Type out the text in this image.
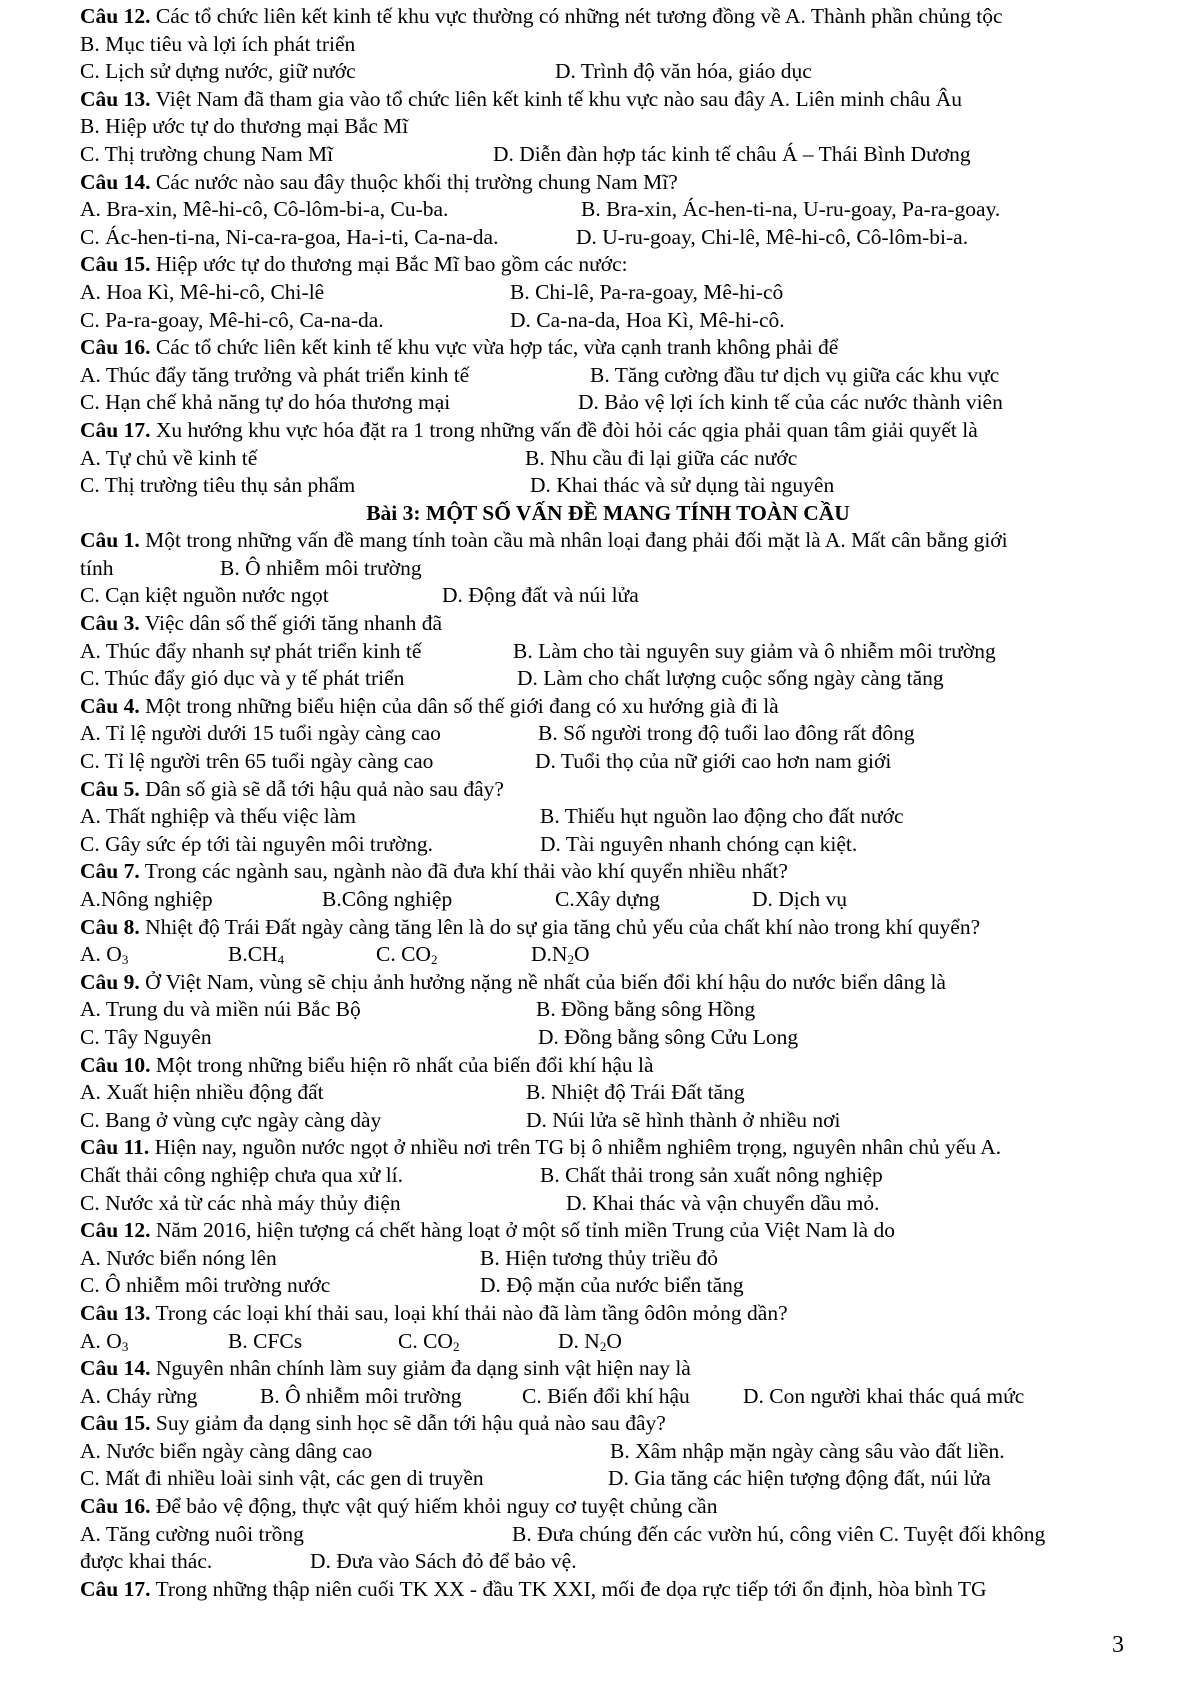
Câu 12. Các tổ chức liên kết kinh tế khu vực thường có những nét tương đồng về A. Thành phần chủng tộc
B. Mục tiêu và lợi ích phát triển
C. Lịch sử dựng nước, giữ nước	D. Trình độ văn hóa, giáo dục
Câu 13. Việt Nam đã tham gia vào tổ chức liên kết kinh tế khu vực nào sau đây A. Liên minh châu Âu
B. Hiệp ước tự do thương mại Bắc Mĩ
C. Thị trường chung Nam Mĩ	D. Diễn đàn hợp tác kinh tế châu Á – Thái Bình Dương
Câu 14. Các nước nào sau đây thuộc khối thị trường chung Nam Mĩ?
A. Bra-xin, Mê-hi-cô, Cô-lôm-bi-a, Cu-ba.	B. Bra-xin, Ác-hen-ti-na, U-ru-goay, Pa-ra-goay.
C. Ác-hen-ti-na, Ni-ca-ra-goa, Ha-i-ti, Ca-na-da.	D. U-ru-goay, Chi-lê, Mê-hi-cô, Cô-lôm-bi-a.
Câu 15. Hiệp ước tự do thương mại Bắc Mĩ bao gồm các nước:
A. Hoa Kì, Mê-hi-cô, Chi-lê	B. Chi-lê, Pa-ra-goay, Mê-hi-cô
C. Pa-ra-goay, Mê-hi-cô, Ca-na-da.	D. Ca-na-da, Hoa Kì, Mê-hi-cô.
Câu 16. Các tổ chức liên kết kinh tế khu vực vừa hợp tác, vừa cạnh tranh không phải để
A. Thúc đẩy tăng trưởng và phát triển kinh tế	B. Tăng cường đầu tư dịch vụ giữa các khu vực
C. Hạn chế khả năng tự do hóa thương mại	D. Bảo vệ lợi ích kinh tế của các nước thành viên
Câu 17. Xu hướng khu vực hóa đặt ra 1 trong những vấn đề đòi hỏi các qgia phải quan tâm giải quyết là
A. Tự chủ về kinh tế	B. Nhu cầu đi lại giữa các nước
C. Thị trường tiêu thụ sản phẩm	D. Khai thác và sử dụng tài nguyên
Bài 3: MỘT SỐ VẤN ĐỀ MANG TÍNH TOÀN CẦU
Câu 1. Một trong những vấn đề mang tính toàn cầu mà nhân loại đang phải đối mặt là A. Mất cân bằng giới
tính	B. Ô nhiễm môi trường
C. Cạn kiệt nguồn nước ngọt	D. Động đất và núi lửa
Câu 3. Việc dân số thế giới tăng nhanh đã
A. Thúc đẩy nhanh sự phát triển kinh tế	B. Làm cho tài nguyên suy giảm và ô nhiễm môi trường
C. Thúc đẩy gió dục và y tế phát triển	D. Làm cho chất lượng cuộc sống ngày càng tăng
Câu 4. Một trong những biểu hiện của dân số thế giới đang có xu hướng già đi là
A. Tỉ lệ người dưới 15 tuổi ngày càng cao	B. Số người trong độ tuổi lao đông rất đông
C. Tỉ lệ người trên 65 tuổi ngày càng cao	D. Tuổi thọ của nữ giới cao hơn nam giới
Câu 5. Dân số già sẽ dẫ tới hậu quả nào sau đây?
A. Thất nghiệp và thếu việc làm	B. Thiếu hụt nguồn lao động cho đất nước
C. Gây sức ép tới tài nguyên môi trường.	D. Tài nguyên nhanh chóng cạn kiệt.
Câu 7. Trong các ngành sau, ngành nào đã đưa khí thải vào khí quyển nhiều nhất?
A.Nông nghiệp	B.Công nghiệp	C.Xây dựng	D. Dịch vụ
Câu 8. Nhiệt độ Trái Đất ngày càng tăng lên là do sự gia tăng chủ yếu của chất khí nào trong khí quyển?
A. $O_3$	$B.CH_4$	C. $CO_2$	$D.N_2O$
Câu 9. Ở Việt Nam, vùng sẽ chịu ảnh hưởng nặng nề nhất của biến đổi khí hậu do nước biển dâng là
A. Trung du và miền núi Bắc Bộ	B. Đồng bằng sông Hồng
C. Tây Nguyên	D. Đồng bằng sông Cửu Long
Câu 10. Một trong những biểu hiện rõ nhất của biến đổi khí hậu là
A. Xuất hiện nhiều động đất	B. Nhiệt độ Trái Đất tăng
C. Bang ở vùng cực ngày càng dày	D. Núi lửa sẽ hình thành ở nhiều nơi
Câu 11. Hiện nay, nguồn nước ngọt ở nhiều nơi trên TG bị ô nhiễm nghiêm trọng, nguyên nhân chủ yếu A.
Chất thải công nghiệp chưa qua xử lí.	B. Chất thải trong sản xuất nông nghiệp
C. Nước xả từ các nhà máy thủy điện	D. Khai thác và vận chuyển dầu mỏ.
Câu 12. Năm 2016, hiện tượng cá chết hàng loạt ở một số tỉnh miền Trung của Việt Nam là do
A. Nước biển nóng lên	B. Hiện tương thủy triều đỏ
C. Ô nhiễm môi trường nước	D. Độ mặn của nước biển tăng
Câu 13. Trong các loại khí thải sau, loại khí thải nào đã làm tầng ôdôn mỏng dần?
A. $O_3$	B. CFCs	C. $CO_2$	D. $N_2O$
Câu 14. Nguyên nhân chính làm suy giảm đa dạng sinh vật hiện nay là
A. Cháy rừng	B. Ô nhiễm môi trường	C. Biến đổi khí hậu D. Con người khai thác quá mức
Câu 15. Suy giảm đa dạng sinh học sẽ dẫn tới hậu quả nào sau đây?
A. Nước biển ngày càng dâng cao	B. Xâm nhập mặn ngày càng sâu vào đất liền.
C. Mất đi nhiều loài sinh vật, các gen di truyền	D. Gia tăng các hiện tượng động đất, núi lửa
Câu 16. Để bảo vệ động, thực vật quý hiếm khỏi nguy cơ tuyệt chủng cần
A. Tăng cường nuôi trồng	B. Đưa chúng đến các vườn hú, công viên C. Tuyệt đối không
được khai thác.	D. Đưa vào Sách đỏ để bảo vệ.
Câu 17. Trong những thập niên cuối TK XX - đầu TK XXI, mối đe dọa rực tiếp tới ổn định, hòa bình TG
3
